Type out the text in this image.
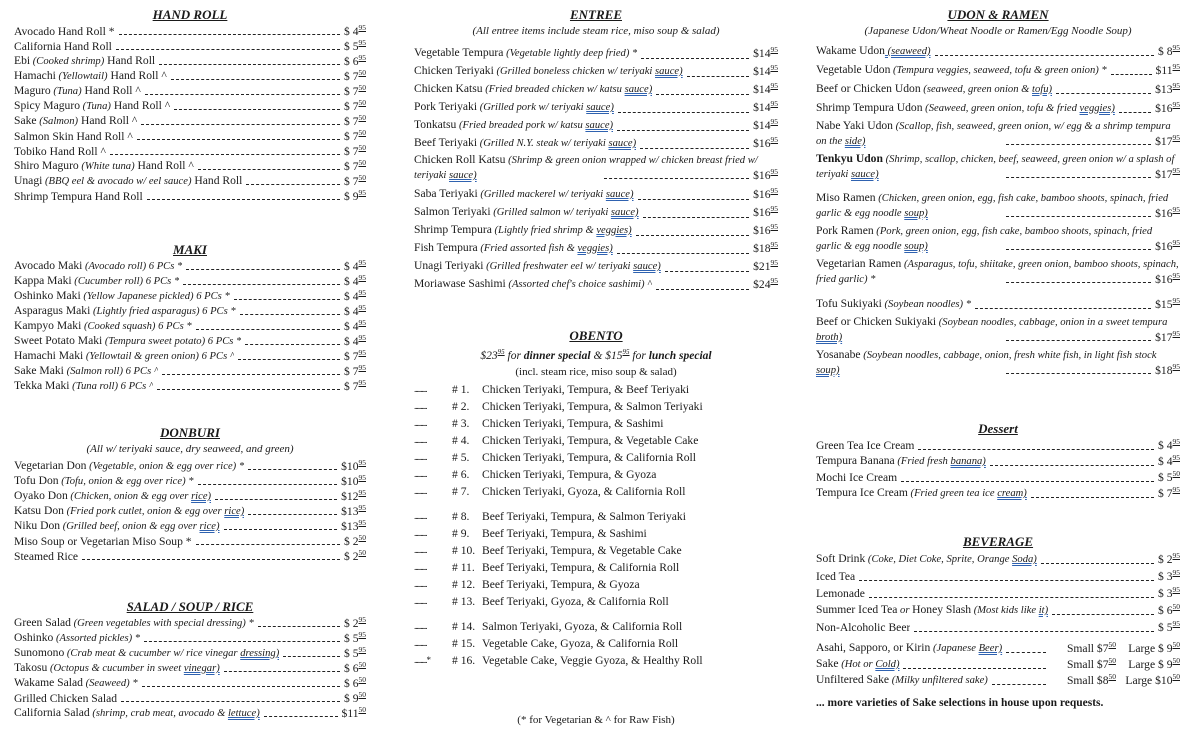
HAND ROLL
Avocado Hand Roll *	$ $4^{95}$
California Hand Roll	$ $5^{95}$
Ebi (Cooked shrimp) Hand Roll	$ $6^{95}$
Hamachi (Yellowtail) Hand Roll ^	$ $7^{50}$
Maguro (Tuna) Hand Roll ^	$ $7^{50}$
Spicy Maguro (Tuna) Hand Roll ^	$ $7^{50}$
Sake (Salmon) Hand Roll ^	$ $7^{50}$
Salmon Skin Hand Roll ^	$ $7^{50}$
Tobiko Hand Roll ^	$ $7^{50}$
Shiro Maguro (White tuna) Hand Roll ^	$ $7^{50}$
Unagi (BBQ eel & avocado w/ eel sauce) Hand Roll	$ $7^{50}$
Shrimp Tempura Hand Roll	$ $9^{95}$
MAKI
Avocado Maki (Avocado roll) 6 PCs *	$ $4^{95}$
Kappa Maki (Cucumber roll) 6 PCs *	$ $4^{95}$
Oshinko Maki (Yellow Japanese pickled) 6 PCs *	$ $4^{95}$
Asparagus Maki (Lightly fried asparagus) 6 PCs *	$ $4^{95}$
Kampyo Maki (Cooked squash) 6 PCs *	$ $4^{95}$
Sweet Potato Maki (Tempura sweet potato) 6 PCs *	$ $4^{95}$
Hamachi Maki (Yellowtail & green onion) 6 PCs ^	$ $7^{95}$
Sake Maki (Salmon roll) 6 PCs ^	$ $7^{95}$
Tekka Maki (Tuna roll) 6 PCs ^	$ $7^{95}$
DONBURI
(All w/ teriyaki sauce, dry seaweed, and green)
Vegetarian Don (Vegetable, onion & egg over rice) *	$\$10^{95}$
Tofu Don (Tofu, onion & egg over rice) *	$\$10^{95}$
Oyako Don (Chicken, onion & egg over rice)	$\$12^{95}$
Katsu Don (Fried pork cutlet, onion & egg over rice)	$\$13^{95}$
Niku Don (Grilled beef, onion & egg over rice)	$\$13^{95}$
Miso Soup or Vegetarian Miso Soup *	$ $2^{50}$
Steamed Rice	$ $2^{50}$
SALAD / SOUP / RICE
Green Salad (Green vegetables with special dressing) *	$ $2^{95}$
Oshinko (Assorted pickles) *	$ $5^{95}$
Sunomono (Crab meat & cucumber w/ rice vinegar dressing)	$ $5^{95}$
Takosu (Octopus & cucumber in sweet vinegar)	$ $6^{50}$
Wakame Salad (Seaweed) *	$ $6^{50}$
Grilled Chicken Salad	$ $9^{50}$
California Salad (shrimp, crab meat, avocado & lettuce)	$\$11^{50}$
ENTREE
(All entree items include steam rice, miso soup & salad)
Vegetable Tempura (Vegetable lightly deep fried) *	$\$14^{95}$
Chicken Teriyaki (Grilled boneless chicken w/ teriyaki sauce)	$\$14^{95}$
Chicken Katsu (Fried breaded chicken w/ katsu sauce)	$\$14^{95}$
Pork Teriyaki (Grilled pork w/ teriyaki sauce)	$\$14^{95}$
Tonkatsu (Fried breaded pork w/ katsu sauce)	$\$14^{95}$
Beef Teriyaki (Grilled N.Y. steak w/ teriyaki sauce)	$\$16^{95}$
Chicken Roll Katsu (Shrimp & green onion wrapped w/ chicken breast fried w/ teriyaki sauce)	$\$16^{95}$
Saba Teriyaki (Grilled mackerel w/ teriyaki sauce)	$\$16^{95}$
Salmon Teriyaki (Grilled salmon w/ teriyaki sauce)	$\$16^{95}$
Shrimp Tempura (Lightly fried shrimp & veggies)	$\$16^{95}$
Fish Tempura (Fried assorted fish & veggies)	$\$18^{95}$
Unagi Teriyaki (Grilled freshwater eel w/ teriyaki sauce)	$\$21^{95}$
Moriawase Sashimi (Assorted chef's choice sashimi) ^	$\$24^{95}$
OBENTO
$\$23^{95}$ for dinner special & $\$15^{95}$ for lunch special
(incl. steam rice, miso soup & salad)
..........	# 1.	Chicken Teriyaki, Tempura, & Beef Teriyaki
..........	# 2.	Chicken Teriyaki, Tempura, & Salmon Teriyaki
..........	# 3.	Chicken Teriyaki, Tempura, & Sashimi
..........	# 4.	Chicken Teriyaki, Tempura, & Vegetable Cake
..........	# 5.	Chicken Teriyaki, Tempura, & California Roll
..........	# 6.	Chicken Teriyaki, Tempura, & Gyoza
..........	# 7.	Chicken Teriyaki, Gyoza, & California Roll
..........	# 8.	Beef Teriyaki, Tempura, & Salmon Teriyaki
..........	# 9.	Beef Teriyaki, Tempura, & Sashimi
..........	# 10. Beef Teriyaki, Tempura, & Vegetable Cake
..........	# 11. Beef Teriyaki, Tempura, & California Roll
..........	# 12. Beef Teriyaki, Tempura, & Gyoza
..........	# 13. Beef Teriyaki, Gyoza, & California Roll
..........	# 14. Salmon Teriyaki, Gyoza, & California Roll
..........	# 15. Vegetable Cake, Gyoza, & California Roll
..........*	# 16. Vegetable Cake, Veggie Gyoza, & Healthy Roll
(* for Vegetarian & ^ for Raw Fish)
UDON & RAMEN
(Japanese Udon/Wheat Noodle or Ramen/Egg Noodle Soup)
Wakame Udon (seaweed)	$ $8^{95}$
Vegetable Udon (Tempura veggies, seaweed, tofu & green onion) *	$\$11^{95}$
Beef or Chicken Udon (seaweed, green onion & tofu)	$\$13^{95}$
Shrimp Tempura Udon (Seaweed, green onion, tofu & fried veggies)	$\$16^{95}$
Nabe Yaki Udon (Scallop, fish, seaweed, green onion, w/ egg & a shrimp tempura on the side)	$\$17^{95}$
Tenkyu Udon (Shrimp, scallop, chicken, beef, seaweed, green onion w/ a splash of teriyaki sauce)	$\$17^{95}$
Miso Ramen (Chicken, green onion, egg, fish cake, bamboo shoots, spinach, fried garlic & egg noodle soup)	$\$16^{95}$
Pork Ramen (Pork, green onion, egg, fish cake, bamboo shoots, spinach, fried garlic & egg noodle soup)	$\$16^{95}$
Vegetarian Ramen (Asparagus, tofu, shiitake, green onion, bamboo shoots, spinach, fried garlic) *	$\$16^{95}$
Tofu Sukiyaki (Soybean noodles) *	$\$15^{95}$
Beef or Chicken Sukiyaki (Soybean noodles, cabbage, onion in a sweet tempura broth)	$\$17^{95}$
Yosanabe (Soybean noodles, cabbage, onion, fresh white fish, in light fish stock soup)	$\$18^{95}$
Dessert
Green Tea Ice Cream	$ $4^{95}$
Tempura Banana (Fried fresh banana)	$ $4^{95}$
Mochi Ice Cream	$ $5^{50}$
Tempura Ice Cream (Fried green tea ice cream)	$ $7^{95}$
BEVERAGE
Soft Drink (Coke, Diet Coke, Sprite, Orange Soda)	$ $2^{95}$
Iced Tea	$ $3^{95}$
Lemonade	$ $3^{95}$
Summer Iced Tea or Honey Slash (Most kids like it)	$ $6^{50}$
Non-Alcoholic Beer	$ $5^{95}$
Asahi, Sapporo, or Kirin (Japanese Beer)	Small $\$7^{50}$	Large $ $9^{50}$
Sake (Hot or Cold)	Small $\$7^{50}$	Large $ $9^{50}$
Unfiltered Sake (Milky unfiltered sake)	Small $\$8^{50}$ Large $\$10^{50}$
... more varieties of Sake selections in house upon requests.
